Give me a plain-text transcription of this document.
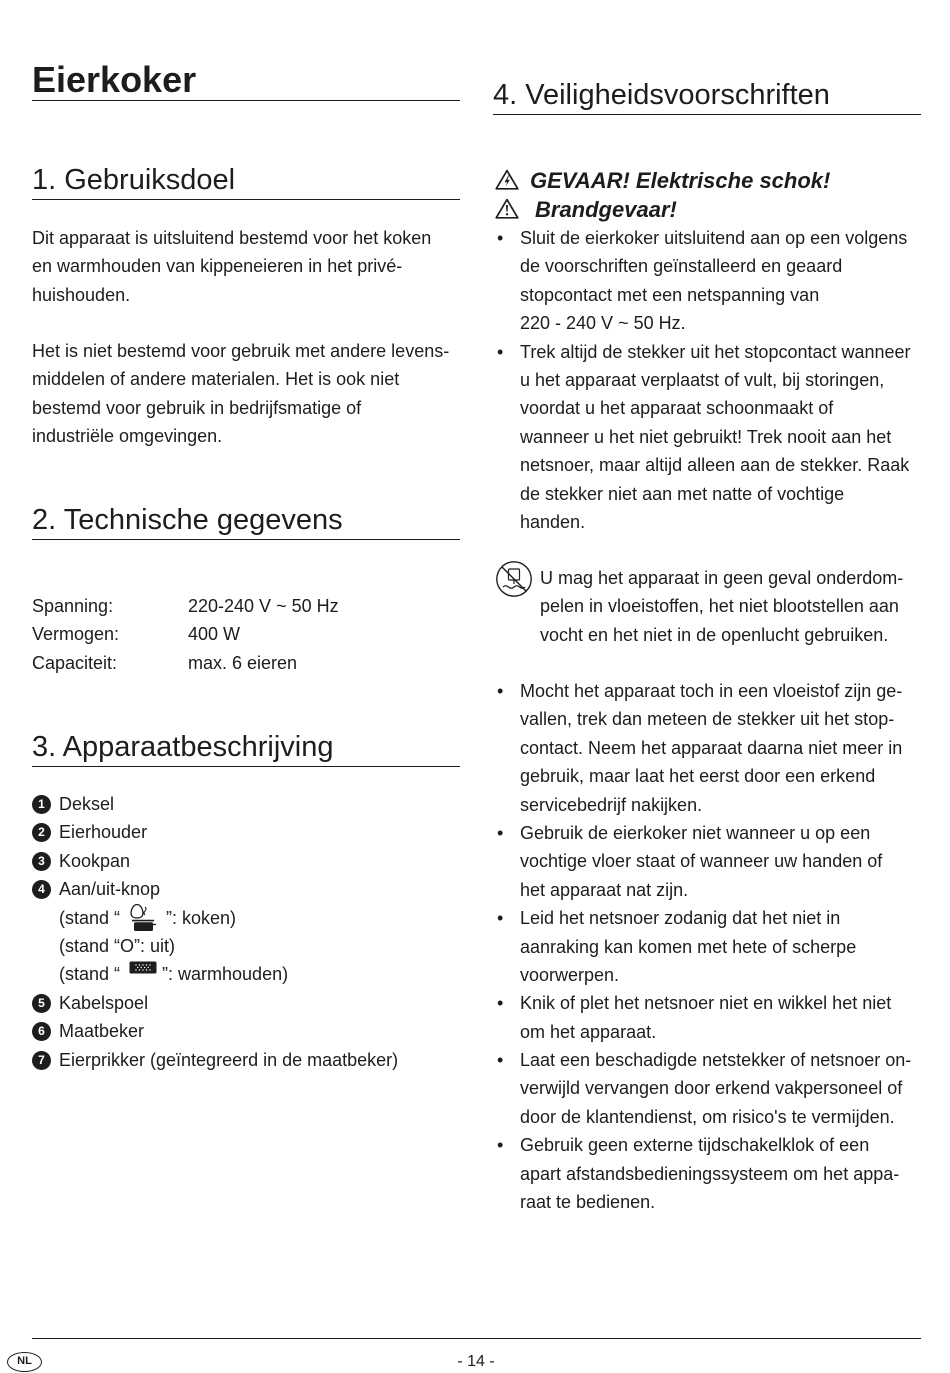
Eierkoker
1. Gebruiksdoel
Dit apparaat is uitsluitend bestemd voor het koken
en warmhouden van kippeneieren in het privé-
huishouden.
Het is niet bestemd voor gebruik met andere levens-
middelen of andere materialen. Het is ook niet
bestemd voor gebruik in bedrijfsmatige of
industriële omgevingen.
2. Technische gegevens
Spanning:	220-240 V ~ 50 Hz
Vermogen:	400 W
Capaciteit:	max. 6 eieren
3. Apparaatbeschrijving
1 Deksel
2 Eierhouder
3 Kookpan
4 Aan/uit-knop
(stand “	”: koken)
(stand “O”: uit)
(stand “ ”: warmhouden)
5 Kabelspoel
6 Maatbeker
7 Eierprikker (geïntegreerd in de maatbeker)
4. Veiligheidsvoorschriften
GEVAAR! Elektrische schok!
Brandgevaar!
• Sluit de eierkoker uitsluitend aan op een volgens
de voorschriften geïnstalleerd en geaard
stopcontact met een netspanning van
220 - 240 V ~ 50 Hz.
• Trek altijd de stekker uit het stopcontact wanneer
u het apparaat verplaatst of vult, bij storingen,
voordat u het apparaat schoonmaakt of
wanneer u het niet gebruikt! Trek nooit aan het
netsnoer, maar altijd alleen aan de stekker. Raak
de stekker niet aan met natte of vochtige
handen.
U mag het apparaat in geen geval onderdom-
pelen in vloeistoffen, het niet blootstellen aan
vocht en het niet in de openlucht gebruiken.
• Mocht het apparaat toch in een vloeistof zijn ge-
vallen, trek dan meteen de stekker uit het stop-
contact. Neem het apparaat daarna niet meer in
gebruik, maar laat het eerst door een erkend
servicebedrijf nakijken.
• Gebruik de eierkoker niet wanneer u op een
vochtige vloer staat of wanneer uw handen of
het apparaat nat zijn.
• Leid het netsnoer zodanig dat het niet in
aanraking kan komen met hete of scherpe
voorwerpen.
• Knik of plet het netsnoer niet en wikkel het niet
om het apparaat.
• Laat een beschadigde netstekker of netsnoer on-
verwijld vervangen door erkend vakpersoneel of
door de klantendienst, om risico's te vermijden.
• Gebruik geen externe tijdschakelklok of een
apart afstandsbedieningssysteem om het appa-
raat te bedienen.
NL	- 14 -
